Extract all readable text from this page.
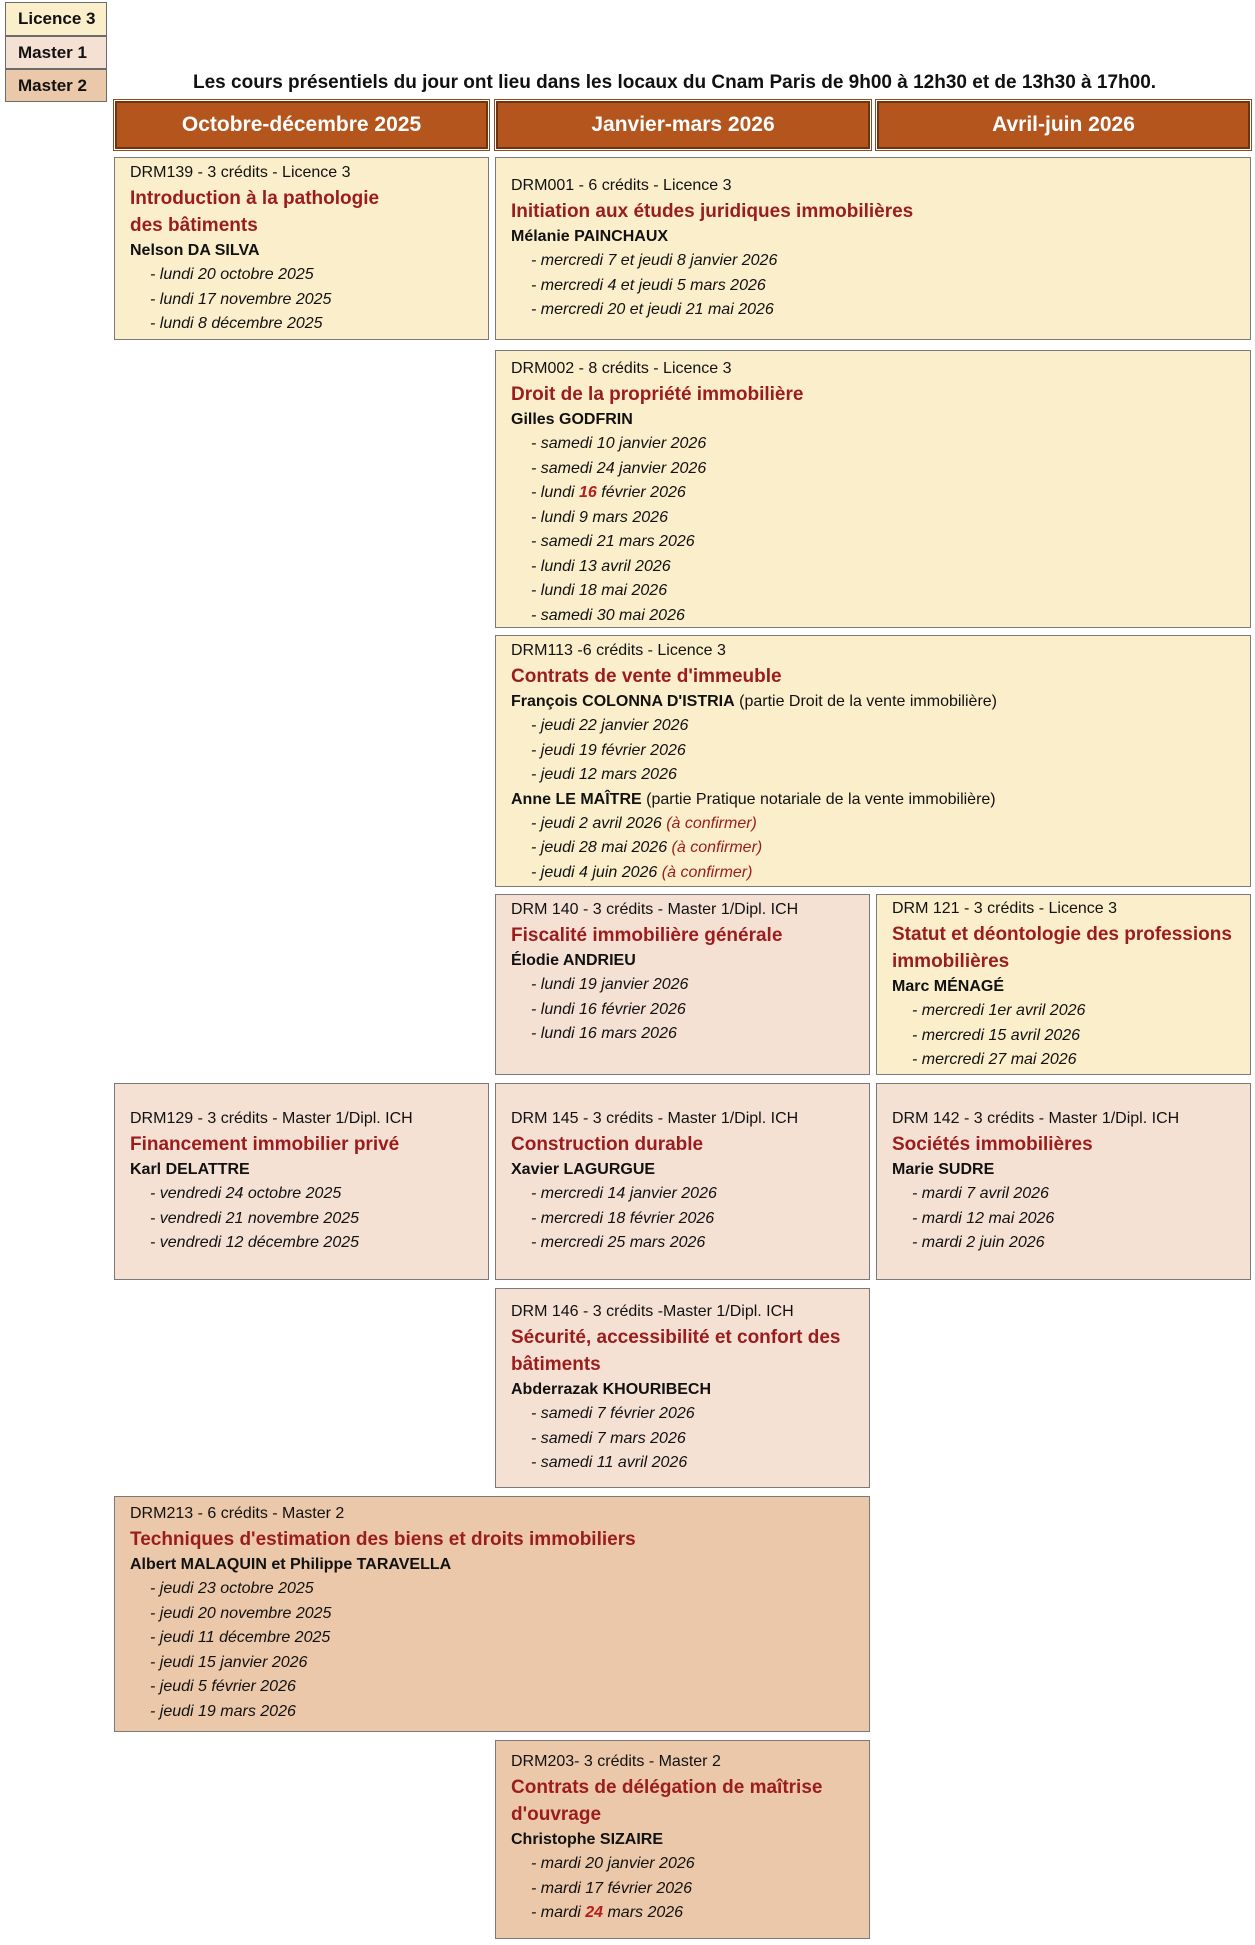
Licence 3
Master 1
Master 2	Les cours présentiels du jour ont lieu dans les locaux du Cnam Paris de 9h00 à 12h30 et de 13h30 à 17h00.
Octobre-décembre 2025	Janvier-mars 2026	Avril-juin 2026
DRM139 - 3 crédits - Licence 3
Introduction à la pathologie
des bâtiments
Nelson DA SILVA
- lundi 20 octobre 2025
- lundi 17 novembre 2025
- lundi 8 décembre 2025
DRM001 - 6 crédits - Licence 3
Initiation aux études juridiques immobilières
Mélanie PAINCHAUX
- mercredi 7 et jeudi 8 janvier 2026
- mercredi 4 et jeudi 5 mars 2026
- mercredi 20 et jeudi 21 mai 2026
DRM002 - 8 crédits - Licence 3
Droit de la propriété immobilière
Gilles GODFRIN
- samedi 10 janvier 2026
- samedi 24 janvier 2026
- lundi 16 février 2026
- lundi 9 mars 2026
- samedi 21 mars 2026
- lundi 13 avril 2026
- lundi 18 mai 2026
- samedi 30 mai 2026
DRM113 -6 crédits - Licence 3
Contrats de vente d'immeuble
François COLONNA D'ISTRIA (partie Droit de la vente immobilière)
- jeudi 22 janvier 2026
- jeudi 19 février 2026
- jeudi 12 mars 2026
Anne LE MAÎTRE (partie Pratique notariale de la vente immobilière)
- jeudi 2 avril 2026 (à confirmer)
- jeudi 28 mai 2026 (à confirmer)
- jeudi 4 juin 2026 (à confirmer)
DRM 140 - 3 crédits - Master 1/Dipl. ICH
Fiscalité immobilière générale
Élodie ANDRIEU
- lundi 19 janvier 2026
- lundi 16 février 2026
- lundi 16 mars 2026
DRM 121 - 3 crédits - Licence 3
Statut et déontologie des professions
immobilières
Marc MÉNAGÉ
- mercredi 1er avril 2026
- mercredi 15 avril 2026
- mercredi 27 mai 2026
DRM129 - 3 crédits - Master 1/Dipl. ICH
Financement immobilier privé
Karl DELATTRE
- vendredi 24 octobre 2025
- vendredi 21 novembre 2025
- vendredi 12 décembre 2025
DRM 145 - 3 crédits - Master 1/Dipl. ICH
Construction durable
Xavier LAGURGUE
- mercredi 14 janvier 2026
- mercredi 18 février 2026
- mercredi 25 mars 2026
DRM 142 - 3 crédits - Master 1/Dipl. ICH
Sociétés immobilières
Marie SUDRE
- mardi 7 avril 2026
- mardi 12 mai 2026
- mardi 2 juin 2026
DRM 146 - 3 crédits -Master 1/Dipl. ICH
Sécurité, accessibilité et confort des
bâtiments
Abderrazak KHOURIBECH
- samedi 7 février 2026
- samedi 7 mars 2026
- samedi 11 avril 2026
DRM213 - 6 crédits - Master 2
Techniques d'estimation des biens et droits immobiliers
Albert MALAQUIN et Philippe TARAVELLA
- jeudi 23 octobre 2025
- jeudi 20 novembre 2025
- jeudi 11 décembre 2025
- jeudi 15 janvier 2026
- jeudi 5 février 2026
- jeudi 19 mars 2026
DRM203- 3 crédits - Master 2
Contrats de délégation de maîtrise
d'ouvrage
Christophe SIZAIRE
- mardi 20 janvier 2026
- mardi 17 février 2026
- mardi 24 mars 2026
